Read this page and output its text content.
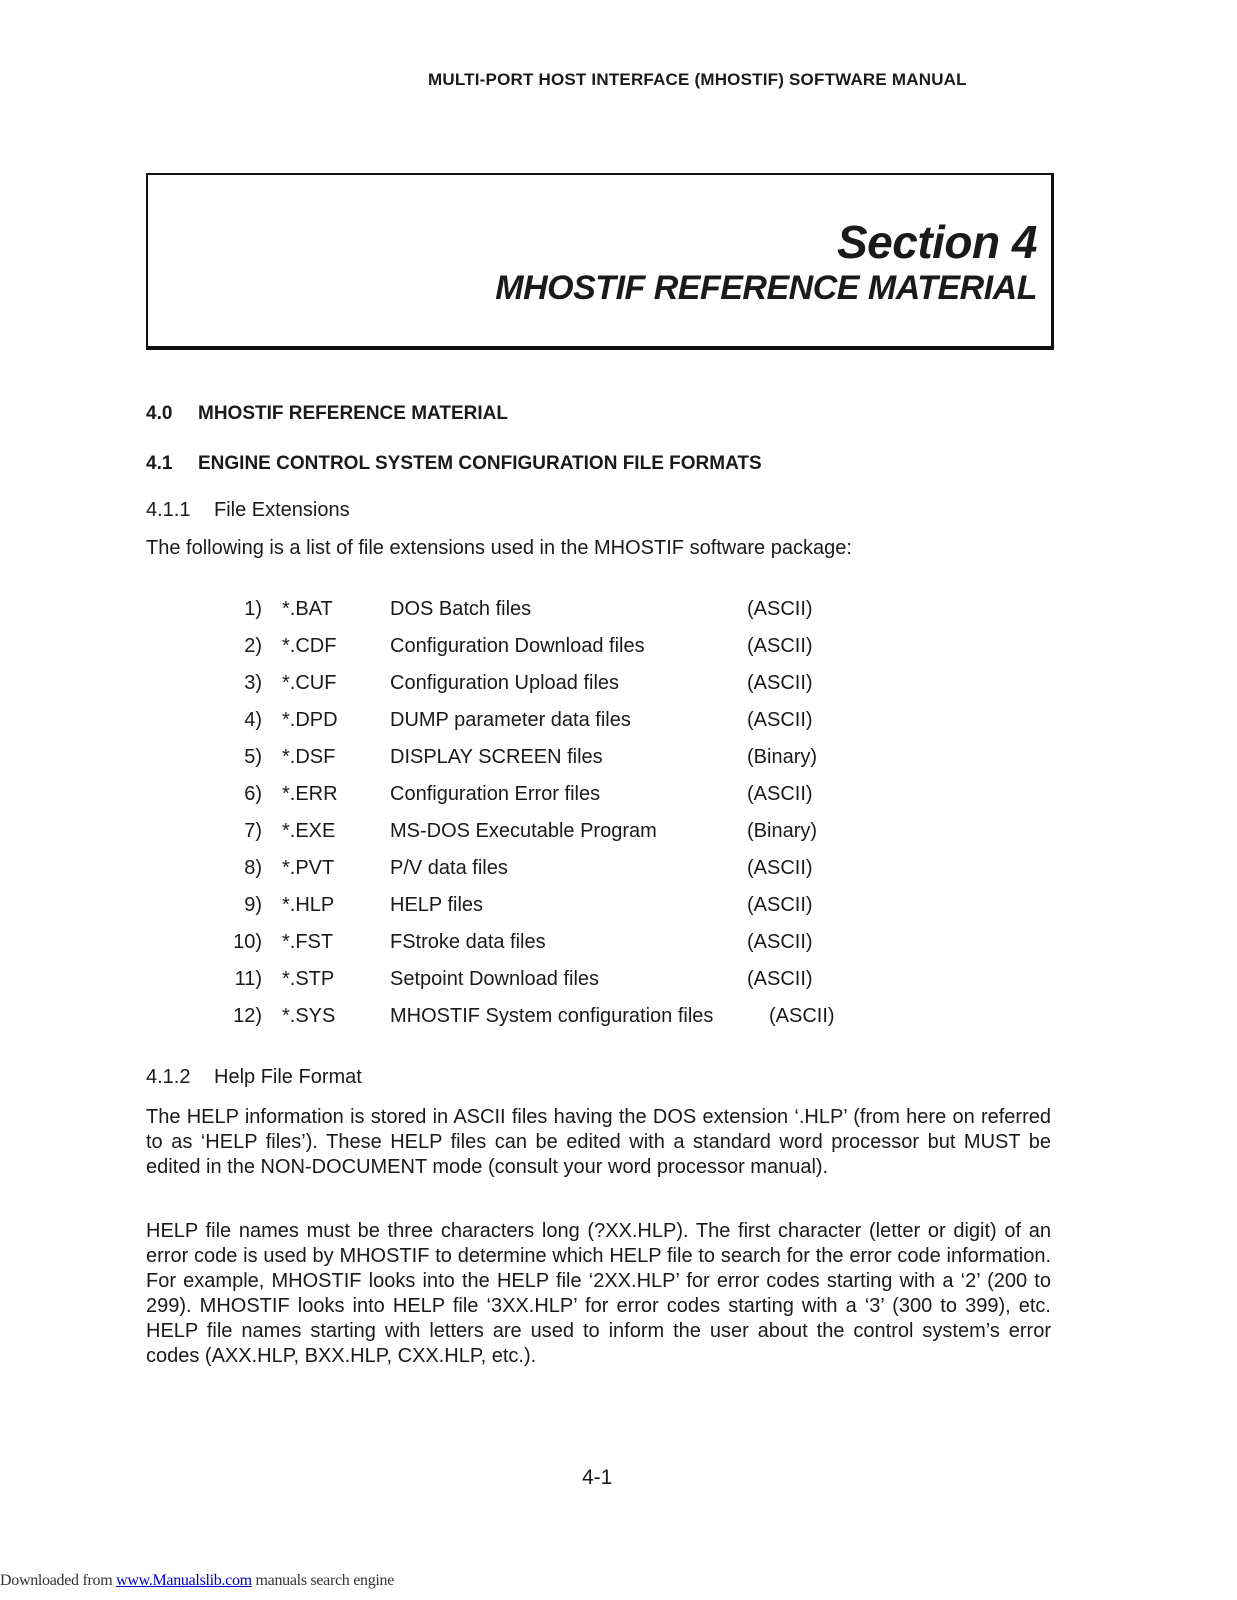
MULTI-PORT HOST INTERFACE (MHOSTIF) SOFTWARE MANUAL
Section 4
MHOSTIF REFERENCE MATERIAL
4.0 MHOSTIF REFERENCE MATERIAL
4.1 ENGINE CONTROL SYSTEM CONFIGURATION FILE FORMATS
4.1.1 File Extensions
The following is a list of file extensions used in the MHOSTIF software package:
1) *.BAT	DOS Batch files	(ASCII)
2) *.CDF	Configuration Download files	(ASCII)
3) *.CUF	Configuration Upload files	(ASCII)
4) *.DPD	DUMP parameter data files	(ASCII)
5) *.DSF	DISPLAY SCREEN files	(Binary)
6) *.ERR	Configuration Error files	(ASCII)
7) *.EXE	MS-DOS Executable Program	(Binary)
8) *.PVT	P/V data files	(ASCII)
9) *.HLP	HELP files	(ASCII)
10) *.FST	FStroke data files	(ASCII)
11) *.STP	Setpoint Download files	(ASCII)
12) *.SYS	MHOSTIF System configuration files	(ASCII)
4.1.2 Help File Format
The HELP information is stored in ASCII files having the DOS extension ‘.HLP’ (from here on referred to as ‘HELP files’). These HELP files can be edited with a standard word processor but MUST be edited in the NON-DOCUMENT mode (consult your word processor manual).
HELP file names must be three characters long (?XX.HLP). The first character (letter or digit) of an error code is used by MHOSTIF to determine which HELP file to search for the error code information. For example, MHOSTIF looks into the HELP file ‘2XX.HLP’ for error codes starting with a ‘2’ (200 to 299). MHOSTIF looks into HELP file ‘3XX.HLP’ for error codes starting with a ‘3’ (300 to 399), etc. HELP file names starting with letters are used to inform the user about the control system’s error codes (AXX.HLP, BXX.HLP, CXX.HLP, etc.).
4-1
Downloaded from www.Manualslib.com manuals search engine
